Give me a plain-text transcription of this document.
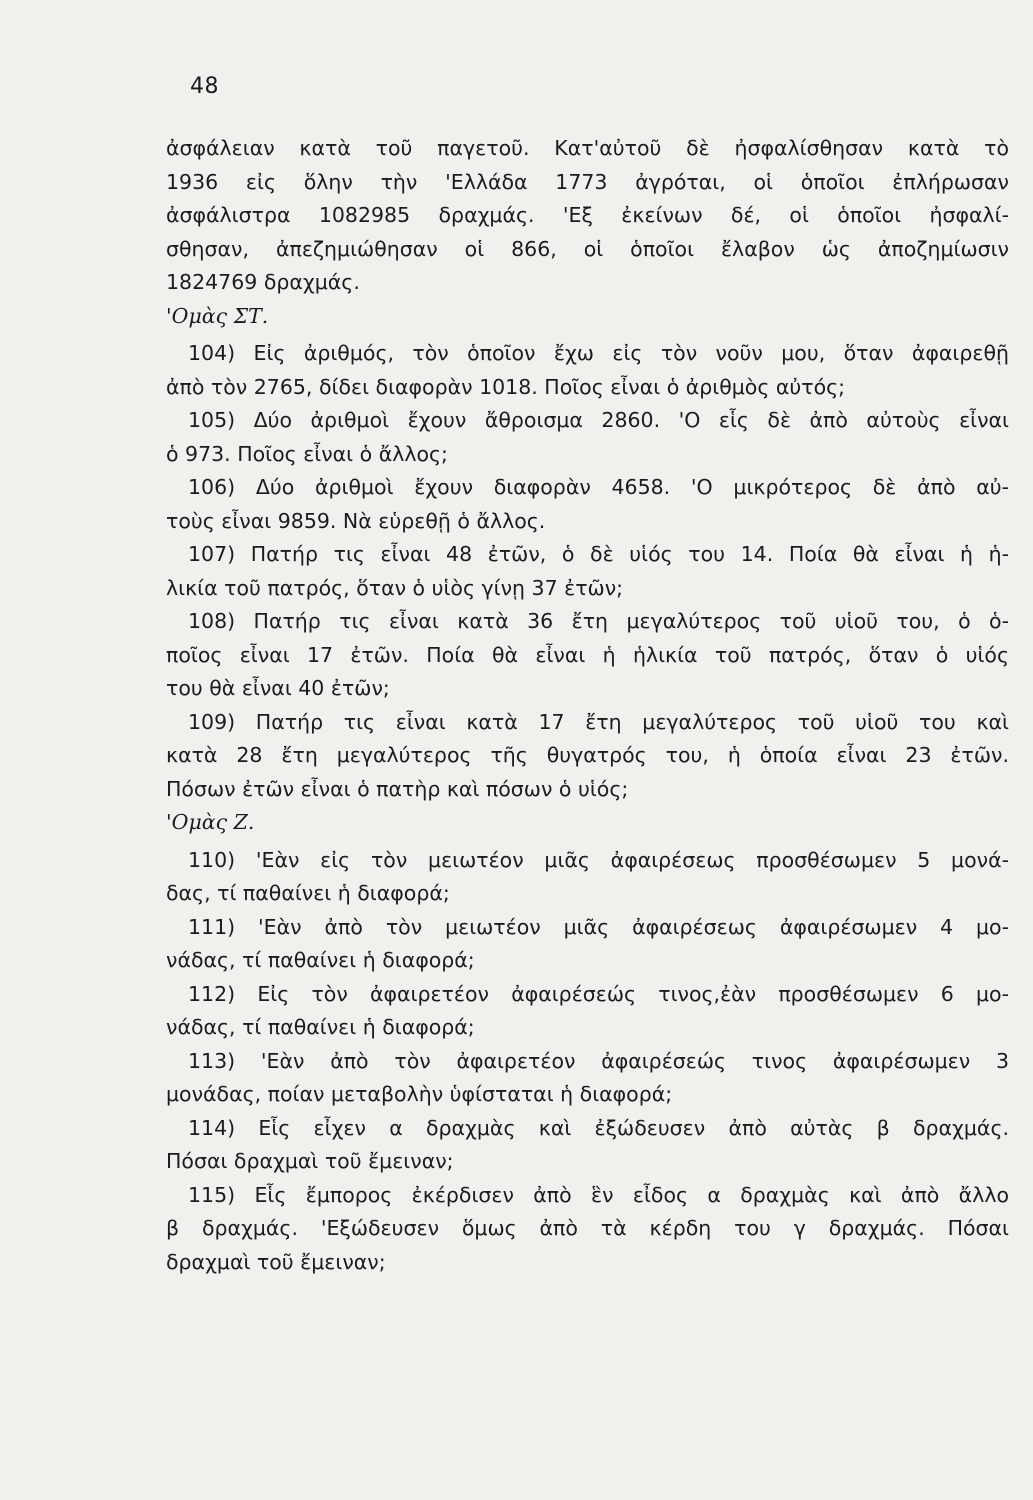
48
ἀσφάλειαν κατὰ τοῦ παγετοῦ. Κατ'αὐτοῦ δὲ ἠσφαλίσθησαν κατὰ τὸ
1936 εἰς ὅλην τὴν 'Ελλάδα 1773 ἀγρόται, οἱ ὁποῖοι ἐπλήρωσαν
ἀσφάλιστρα 1082985 δραχμάς. 'Εξ ἐκείνων δέ, οἱ ὁποῖοι ἠσφαλί-
σθησαν, ἀπεζημιώθησαν οἱ 866, οἱ ὁποῖοι ἔλαβον ὡς ἀποζημίωσιν
1824769 δραχμάς.
'Ομὰς ΣΤ.
104) Εἰς ἀριθμός, τὸν ὁποῖον ἔχω εἰς τὸν νοῦν μου, ὅταν ἀφαιρεθῇ
ἀπὸ τὸν 2765, δίδει διαφορὰν 1018. Ποῖος εἶναι ὁ ἀριθμὸς αὐτός;
105) Δύο ἀριθμοὶ ἔχουν ἄθροισμα 2860. 'Ο εἷς δὲ ἀπὸ αὐτοὺς εἶναι
ὁ 973. Ποῖος εἶναι ὁ ἄλλος;
106) Δύο ἀριθμοὶ ἔχουν διαφορὰν 4658. 'Ο μικρότερος δὲ ἀπὸ αὐ-
τοὺς εἶναι 9859. Νὰ εὑρεθῇ ὁ ἄλλος.
107) Πατήρ τις εἶναι 48 ἐτῶν, ὁ δὲ υἱός του 14. Ποία θὰ εἶναι ἡ ἡ-
λικία τοῦ πατρός, ὅταν ὁ υἱὸς γίνῃ 37 ἐτῶν;
108) Πατήρ τις εἶναι κατὰ 36 ἔτη μεγαλύτερος τοῦ υἱοῦ του, ὁ ὁ-
ποῖος εἶναι 17 ἐτῶν. Ποία θὰ εἶναι ἡ ἡλικία τοῦ πατρός, ὅταν ὁ υἱός
του θὰ εἶναι 40 ἐτῶν;
109) Πατήρ τις εἶναι κατὰ 17 ἔτη μεγαλύτερος τοῦ υἱοῦ του καὶ
κατὰ 28 ἔτη μεγαλύτερος τῆς θυγατρός του, ἡ ὁποία εἶναι 23 ἐτῶν.
Πόσων ἐτῶν εἶναι ὁ πατὴρ καὶ πόσων ὁ υἱός;
'Ομὰς Ζ.
110) 'Εὰν εἰς τὸν μειωτέον μιᾶς ἀφαιρέσεως προσθέσωμεν 5 μονά-
δας, τί παθαίνει ἡ διαφορά;
111) 'Εὰν ἀπὸ τὸν μειωτέον μιᾶς ἀφαιρέσεως ἀφαιρέσωμεν 4 μο-
νάδας, τί παθαίνει ἡ διαφορά;
112) Εἰς τὸν ἀφαιρετέον ἀφαιρέσεώς τινος,ἐὰν προσθέσωμεν 6 μο-
νάδας, τί παθαίνει ἡ διαφορά;
113) 'Εὰν ἀπὸ τὸν ἀφαιρετέον ἀφαιρέσεώς τινος ἀφαιρέσωμεν 3
μονάδας, ποίαν μεταβολὴν ὑφίσταται ἡ διαφορά;
114) Εἷς εἶχεν α δραχμὰς καὶ ἐξώδευσεν ἀπὸ αὐτὰς β δραχμάς.
Πόσαι δραχμαὶ τοῦ ἔμειναν;
115) Εἷς ἔμπορος ἐκέρδισεν ἀπὸ ἓν εἶδος α δραχμὰς καὶ ἀπὸ ἄλλο
β δραχμάς. 'Εξώδευσεν ὅμως ἀπὸ τὰ κέρδη του γ δραχμάς. Πόσαι
δραχμαὶ τοῦ ἔμειναν;
